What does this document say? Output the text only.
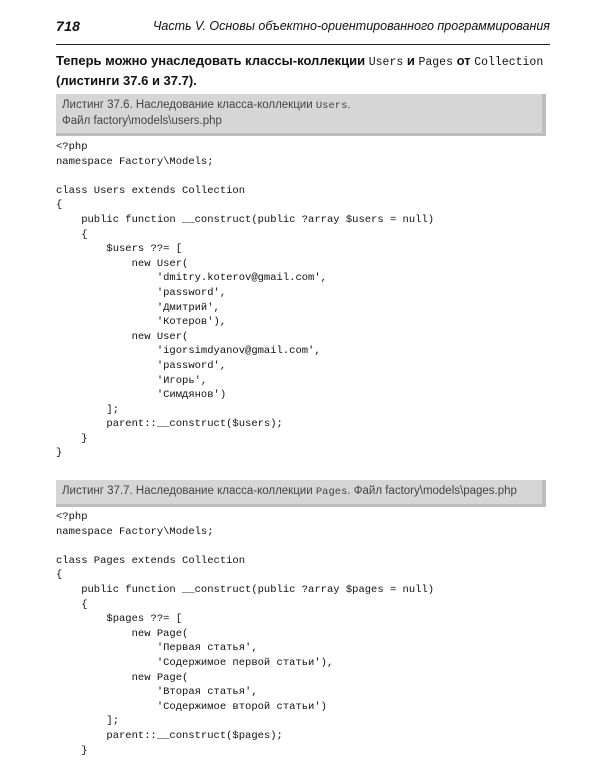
718	Часть V. Основы объектно-ориентированного программирования

Теперь можно унаследовать классы-коллекции Users и Pages от Collection (листинги 37.6 и 37.7).

Листинг 37.6. Наследование класса-коллекции Users.
Файл factory\models\users.php
<?php
namespace Factory\Models;

class Users extends Collection
{
public function __construct(public ?array $users = null)
{
$users ??= [
new User(
'dmitry.koterov@gmail.com',
'password',
'Дмитрий',
'Котеров'),
new User(
'igorsimdyanov@gmail.com',
'password',
'Игорь',
'Симдянов')
];
parent::__construct($users);
}
}
Листинг 37.7. Наследование класса-коллекции Pages. Файл factory\models\pages.php
<?php
namespace Factory\Models;

class Pages extends Collection
{
public function __construct(public ?array $pages = null)
{
$pages ??= [
new Page(
'Первая статья',
'Содержимое первой статьи'),
new Page(
'Вторая статья',
'Содержимое второй статьи')
];
parent::__construct($pages);
}
